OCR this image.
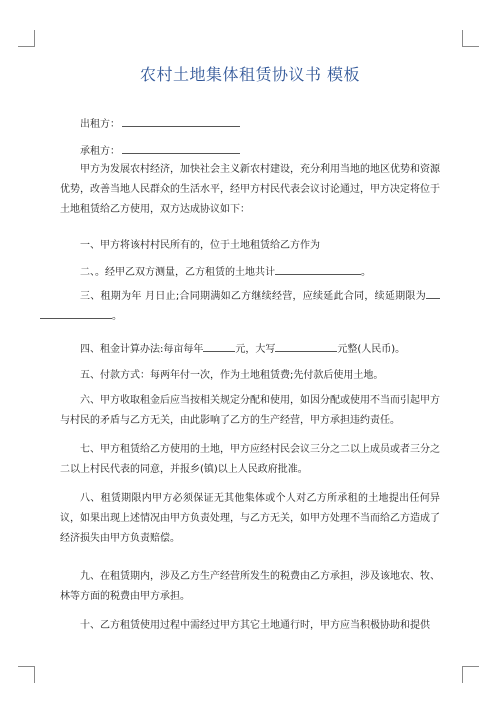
农村土地集体租赁协议书 模板
出租方：
承租方：
甲方为发展农村经济，加快社会主义新农村建设，充分利用当地的地区优势和资源优势，改善当地人民群众的生活水平，经甲方村民代表会议讨论通过，甲方决定将位于土地租赁给乙方使用，双方达成协议如下：
一、甲方将该村村民所有的，位于土地租赁给乙方作为
二、。经甲乙双方测量，乙方租赁的土地共计	。
三、租期为年 月日止;合同期满如乙方继续经营，应续延此合同，续延期限为。
四、租金计算办法:每亩每年	元，大写	元整(人民币)。
五、付款方式：每两年付一次，作为土地租赁费;先付款后使用土地。
六、甲方收取租金后应当按相关规定分配和使用，如因分配或使用不当而引起甲方与村民的矛盾与乙方无关，由此影响了乙方的生产经营，甲方承担违约责任。
七、甲方租赁给乙方使用的土地，甲方应经村民会议三分之二以上成员或者三分之二以上村民代表的同意，并报乡(镇)以上人民政府批准。
八、租赁期限内甲方必须保证无其他集体或个人对乙方所承租的土地提出任何异议，如果出现上述情况由甲方负责处理，与乙方无关，如甲方处理不当而给乙方造成了经济损失由甲方负责赔偿。
九、在租赁期内，涉及乙方生产经营所发生的税费由乙方承担，涉及该地农、牧、林等方面的税费由甲方承担。
十、乙方租赁使用过程中需经过甲方其它土地通行时，甲方应当积极协助和提供
